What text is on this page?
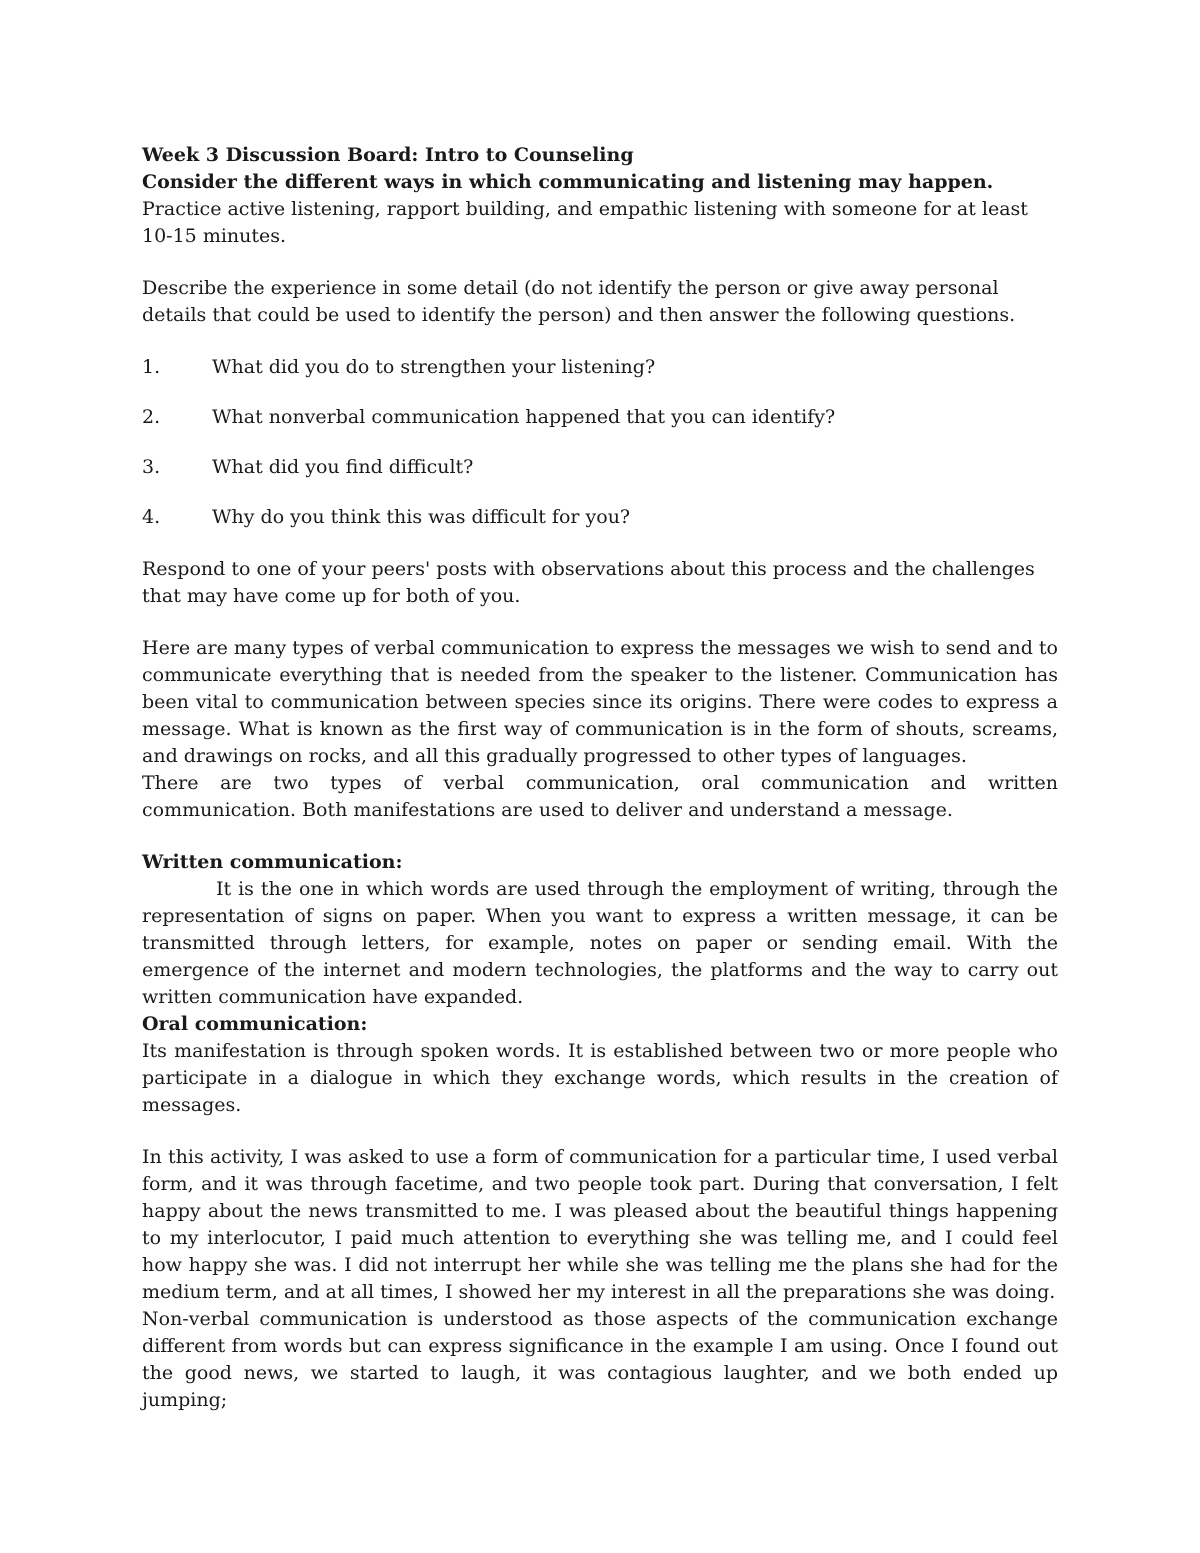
Week 3 Discussion Board: Intro to Counseling

Consider the different ways in which communicating and listening may happen.

Practice active listening, rapport building, and empathic listening with someone for at least 10-15 minutes.

Describe the experience in some detail (do not identify the person or give away personal details that could be used to identify the person) and then answer the following questions.

1.	What did you do to strengthen your listening?
2.	What nonverbal communication happened that you can identify?
3.	What did you find difficult?
4.	Why do you think this was difficult for you?

Respond to one of your peers' posts with observations about this process and the challenges that may have come up for both of you.

Here are many types of verbal communication to express the messages we wish to send and to communicate everything that is needed from the speaker to the listener. Communication has been vital to communication between species since its origins. There were codes to express a message. What is known as the first way of communication is in the form of shouts, screams, and drawings on rocks, and all this gradually progressed to other types of languages.

There are two types of verbal communication, oral communication and written communication. Both manifestations are used to deliver and understand a message.

Written communication:

It is the one in which words are used through the employment of writing, through the representation of signs on paper. When you want to express a written message, it can be transmitted through letters, for example, notes on paper or sending email. With the emergence of the internet and modern technologies, the platforms and the way to carry out written communication have expanded.

Oral communication:

Its manifestation is through spoken words. It is established between two or more people who participate in a dialogue in which they exchange words, which results in the creation of messages.

In this activity, I was asked to use a form of communication for a particular time, I used verbal form, and it was through facetime, and two people took part. During that conversation, I felt happy about the news transmitted to me. I was pleased about the beautiful things happening to my interlocutor, I paid much attention to everything she was telling me, and I could feel how happy she was. I did not interrupt her while she was telling me the plans she had for the medium term, and at all times, I showed her my interest in all the preparations she was doing.

Non-verbal communication is understood as those aspects of the communication exchange different from words but can express significance in the example I am using. Once I found out the good news, we started to laugh, it was contagious laughter, and we both ended up jumping;
